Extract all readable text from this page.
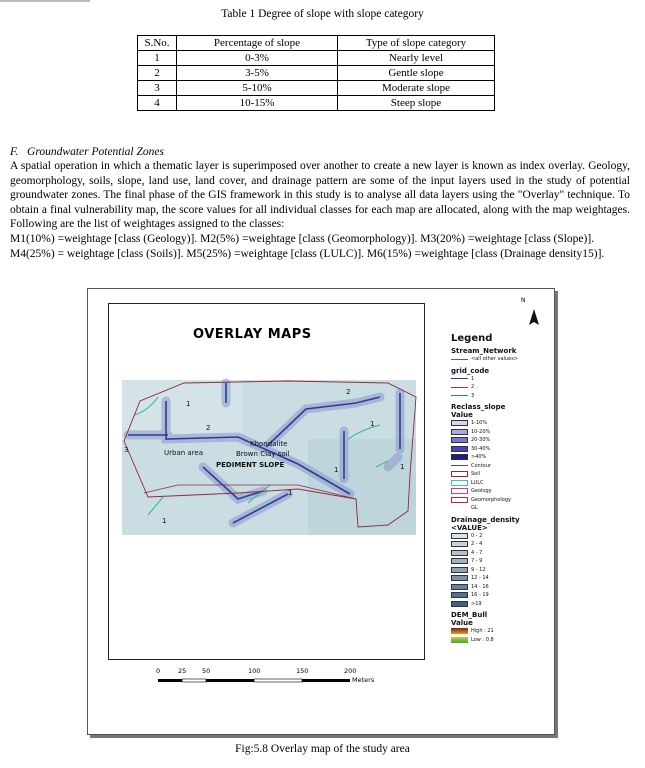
Table 1 Degree of slope with slope category
S.No.	Percentage of slope	Type of slope category
1	0-3%	Nearly level
2	3-5%	Gentle slope
3	5-10%	Moderate slope
4	10-15%	Steep slope
F. Groundwater Potential Zones

A spatial operation in which a thematic layer is superimposed over another to create a new layer is known as index overlay. Geology, geomorphology, soils, slope, land use, land cover, and drainage pattern are some of the input layers used in the study of potential groundwater zones. The final phase of the GIS framework in this study is to analyse all data layers using the "Overlay" technique. To obtain a final vulnerability map, the score values for all individual classes for each map are allocated, along with the map weightages. Following are the list of weightages assigned to the classes:

M1(10%) =weightage [class (Geology)]. M2(5%) =weightage [class (Geomorphology)]. M3(20%) =weightage [class (Slope)].

M4(25%) = weightage [class (Soils)]. M5(25%) =weightage [class (LULC)]. M6(15%) =weightage [class (Drainage density15)].

OVERLAY MAPS
1
2
3
1
1
1
1
2
1
Urban area
Khondalite
Brown Clay soil
PEDIMENT SLOPE
N
0	25 50	100	150	200
Meters
Legend
Stream_Network
<all other values>
grid_code
1
2
3
Reclass_slope
Value
1-10%
10-20%
20-30%
30-40%
>40%
Contour
Soil
LULC
Geology
Geomorphology
GL
Drainage_density
<VALUE>
0 - 2
2 - 4
4 - 7
7 - 9
9 - 12
12 - 14
14 - 16
16 - 19
>19
DEM_Bull
Value
High : 21
Low : 0.8
Fig:5.8 Overlay map of the study area
